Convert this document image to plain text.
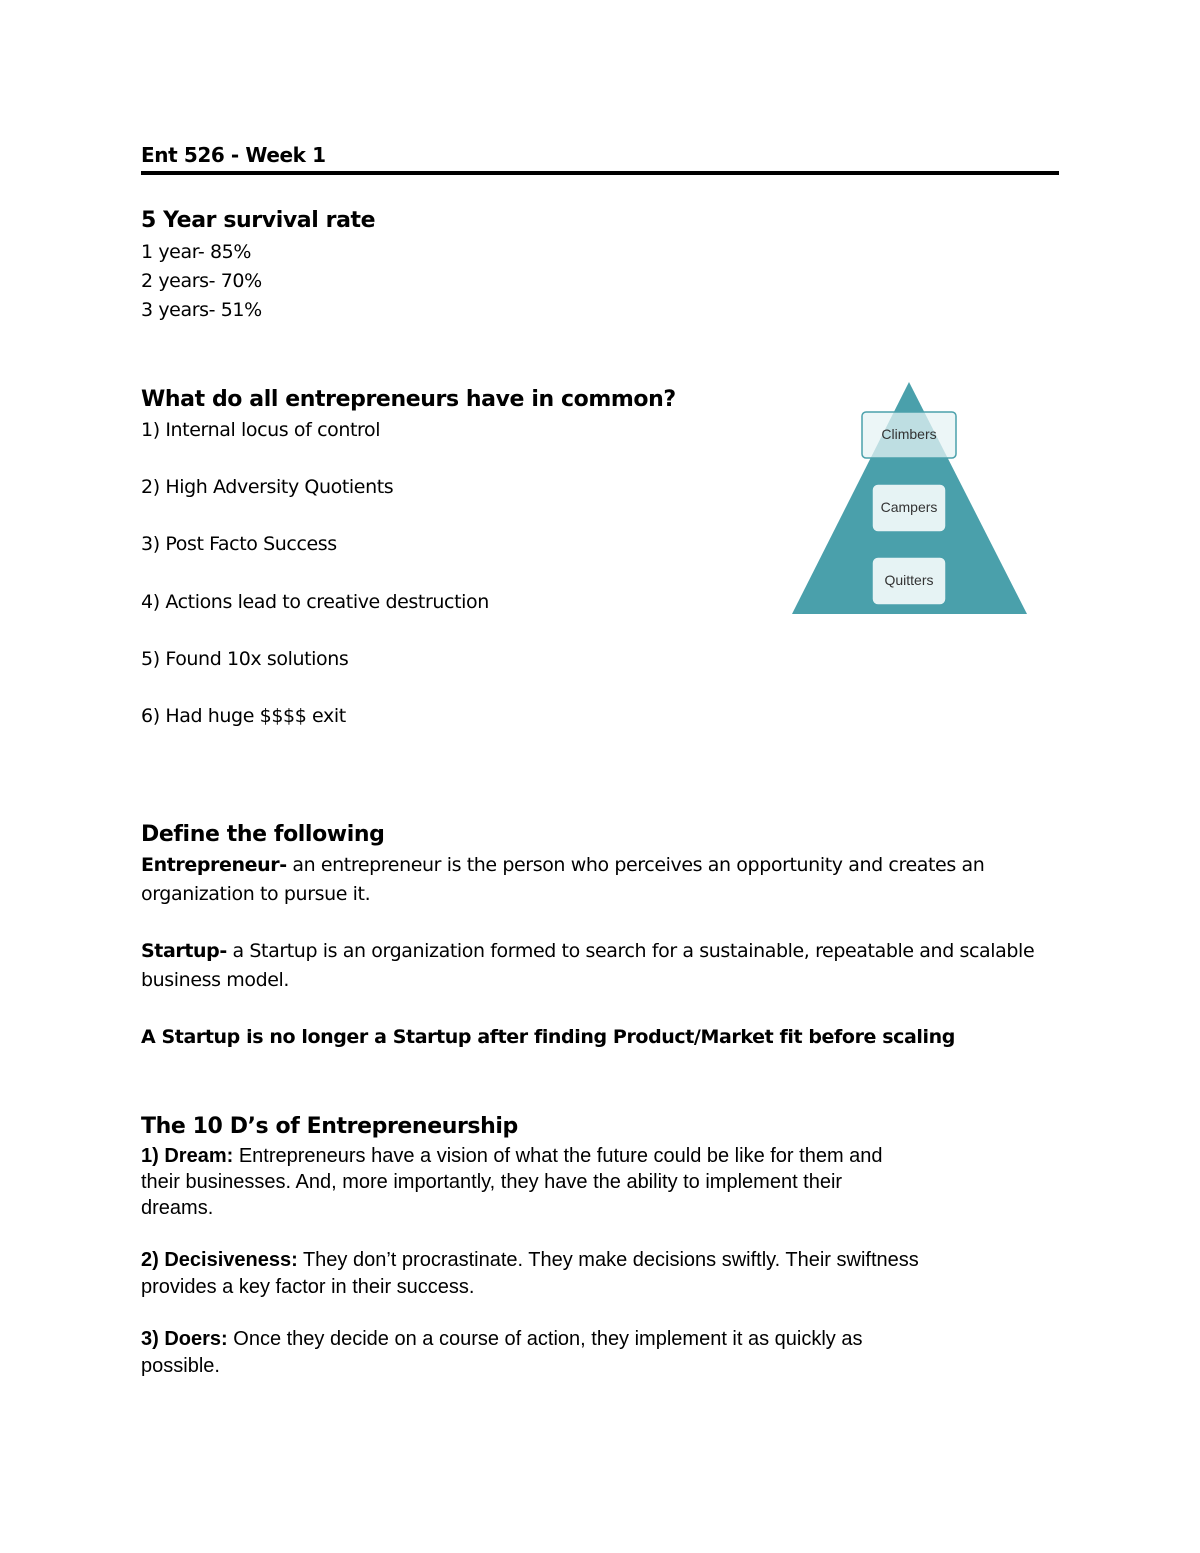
Ent 526 - Week 1
5 Year survival rate
1 year- 85%
2 years- 70%
3 years- 51%
What do all entrepreneurs have in common?
1) Internal locus of control
2) High Adversity Quotients
3) Post Facto Success
4) Actions lead to creative destruction
5) Found 10x solutions
6) Had huge $$$$ exit
Climbers
Campers
Quitters
Define the following
Entrepreneur- an entrepreneur is the person who perceives an opportunity and creates an
organization to pursue it.
Startup- a Startup is an organization formed to search for a sustainable, repeatable and scalable
business model.
A Startup is no longer a Startup after finding Product/Market fit before scaling
The 10 D’s of Entrepreneurship
1) Dream: Entrepreneurs have a vision of what the future could be like for them and
their businesses. And, more importantly, they have the ability to implement their
dreams.
2) Decisiveness: They don’t procrastinate. They make decisions swiftly. Their swiftness
provides a key factor in their success.
3) Doers: Once they decide on a course of action, they implement it as quickly as
possible.
